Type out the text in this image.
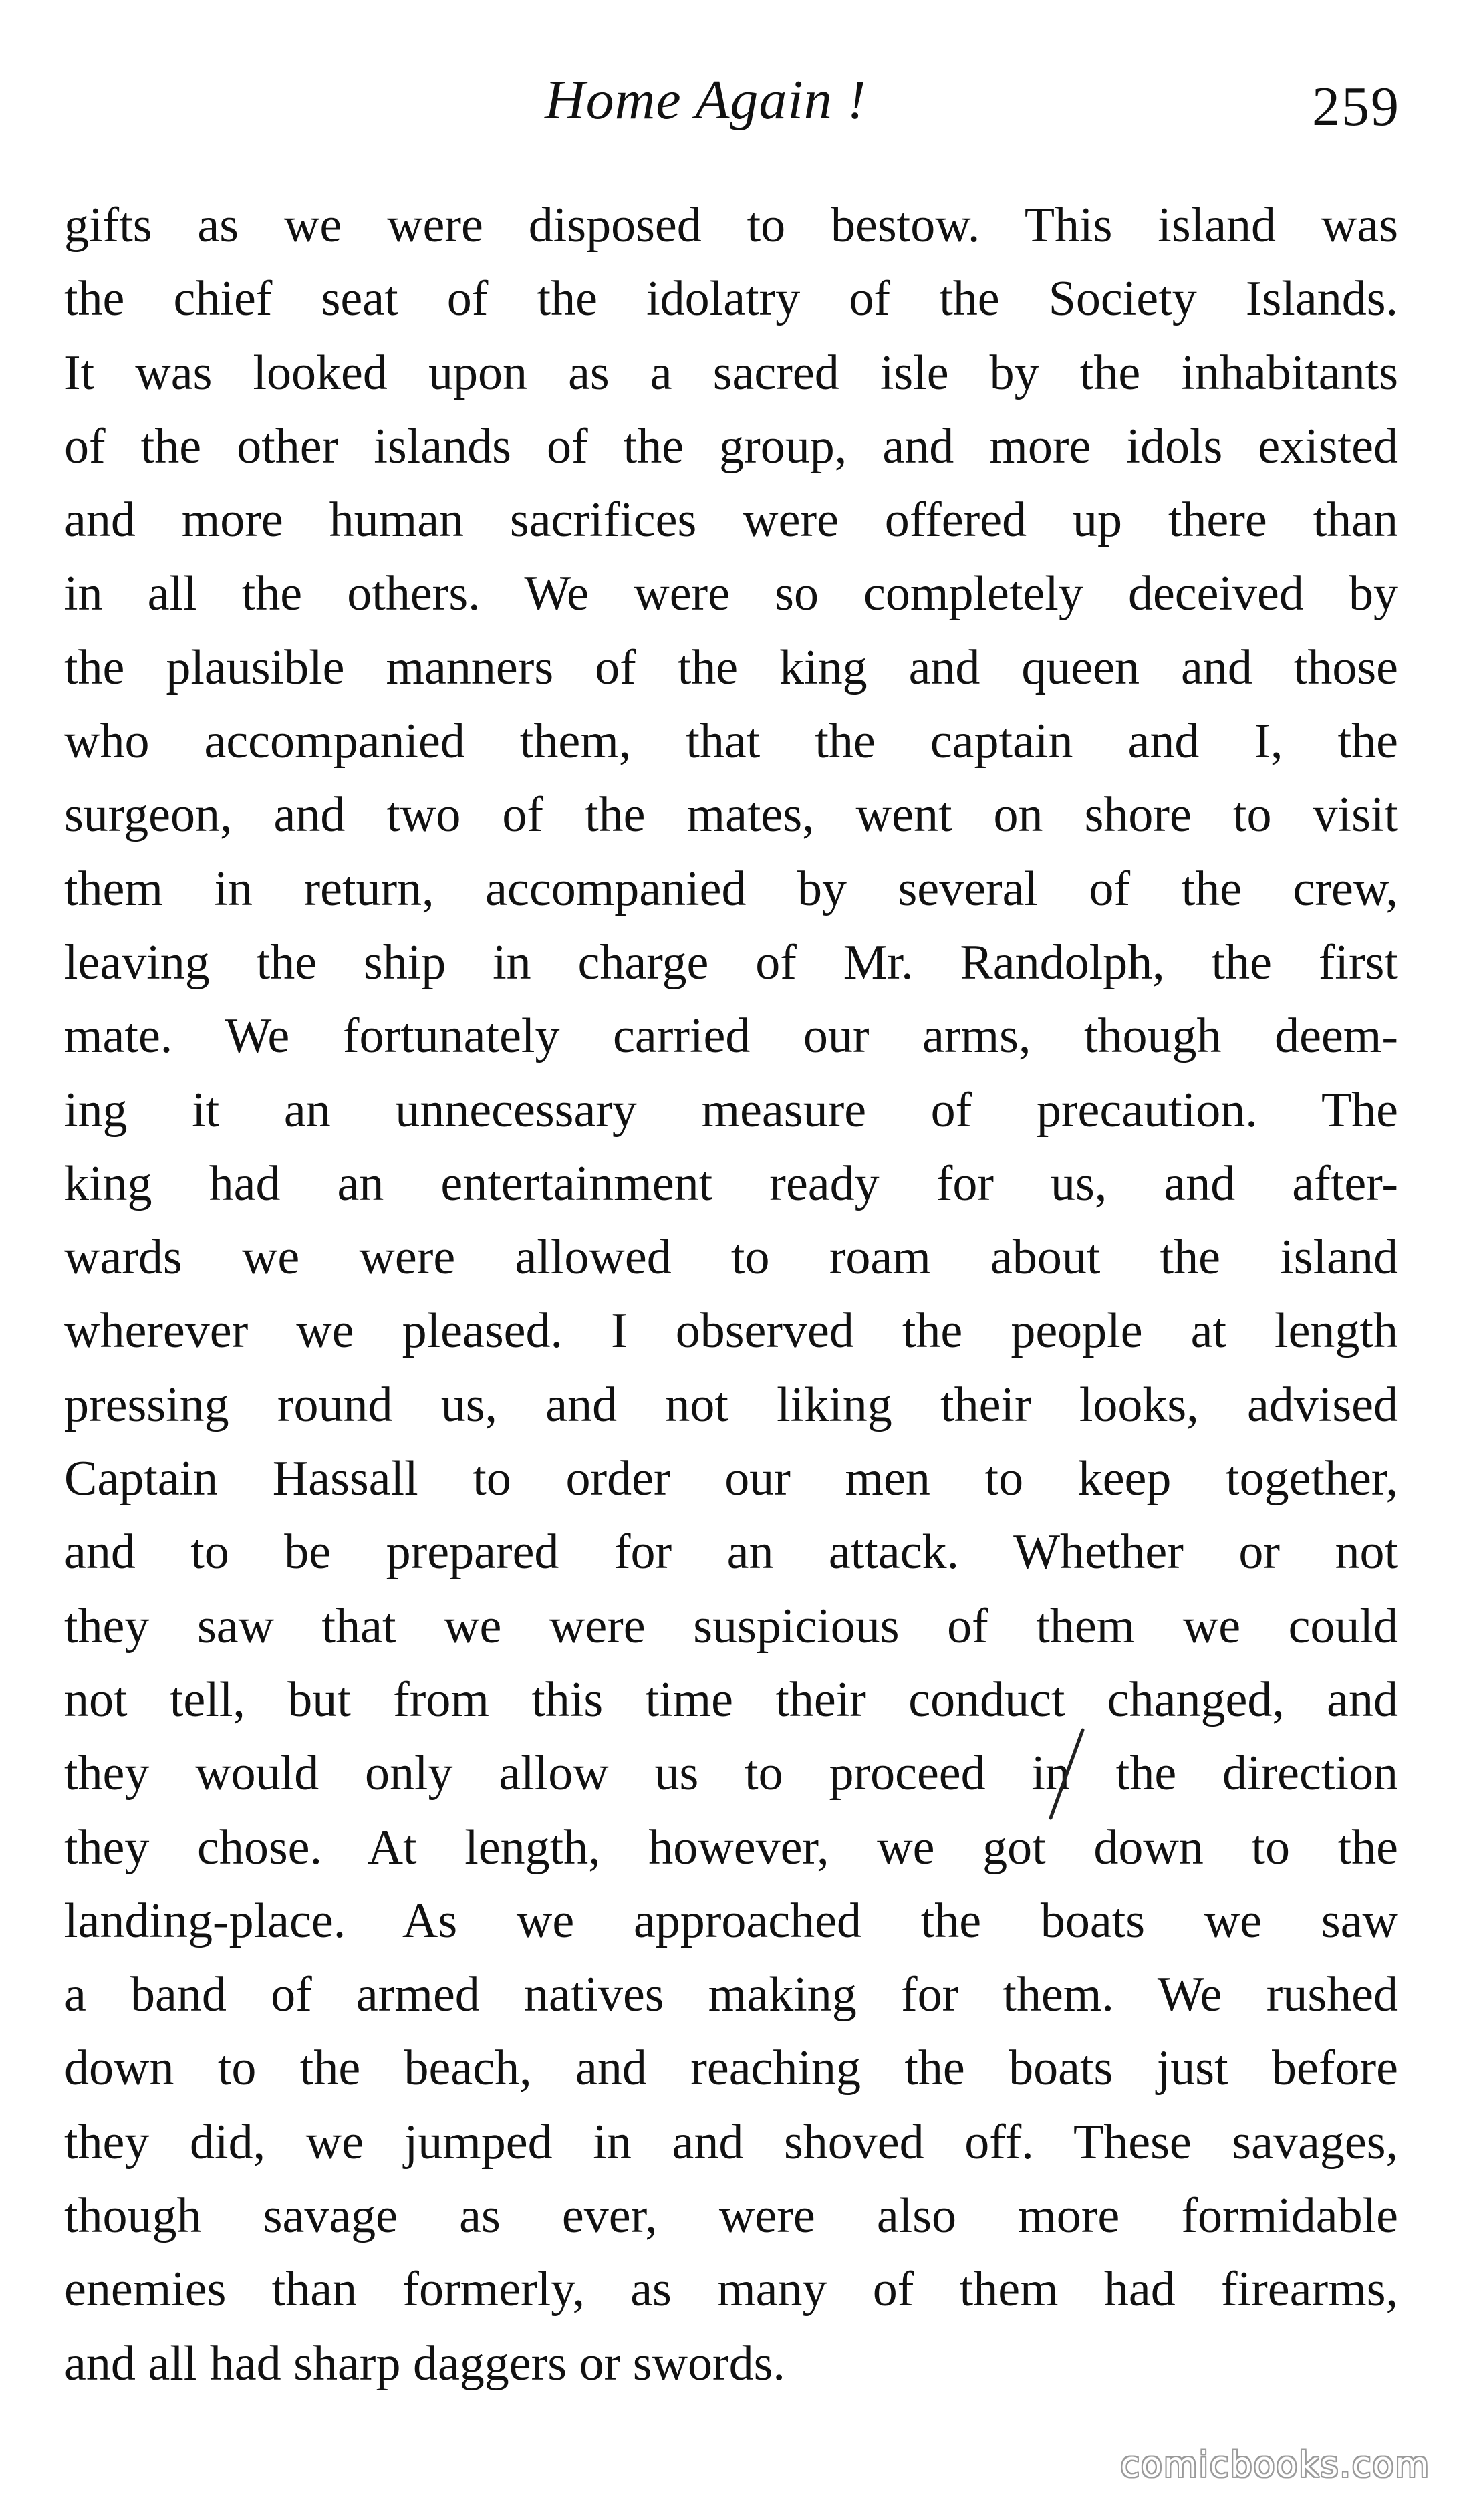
Home Again !	259
gifts as we were disposed to bestow. This island was
the chief seat of the idolatry of the Society Islands.
It was looked upon as a sacred isle by the inhabitants
of the other islands of the group, and more idols existed
and more human sacrifices were offered up there than
in all the others. We were so completely deceived by
the plausible manners of the king and queen and those
who accompanied them, that the captain and I, the
surgeon, and two of the mates, went on shore to visit
them in return, accompanied by several of the crew,
leaving the ship in charge of Mr. Randolph, the first
mate. We fortunately carried our arms, though deem-
ing it an unnecessary measure of precaution. The
king had an entertainment ready for us, and after-
wards we were allowed to roam about the island
wherever we pleased. I observed the people at length
pressing round us, and not liking their looks, advised
Captain Hassall to order our men to keep together,
and to be prepared for an attack. Whether or not
they saw that we were suspicious of them we could
not tell, but from this time their conduct changed, and
they would only allow us to proceed in the direction
they chose. At length, however, we got down to the
landing-place. As we approached the boats we saw
a band of armed natives making for them. We rushed
down to the beach, and reaching the boats just before
they did, we jumped in and shoved off. These savages,
though savage as ever, were also more formidable
enemies than formerly, as many of them had firearms,
and all had sharp daggers or swords.
comicbooks.com
